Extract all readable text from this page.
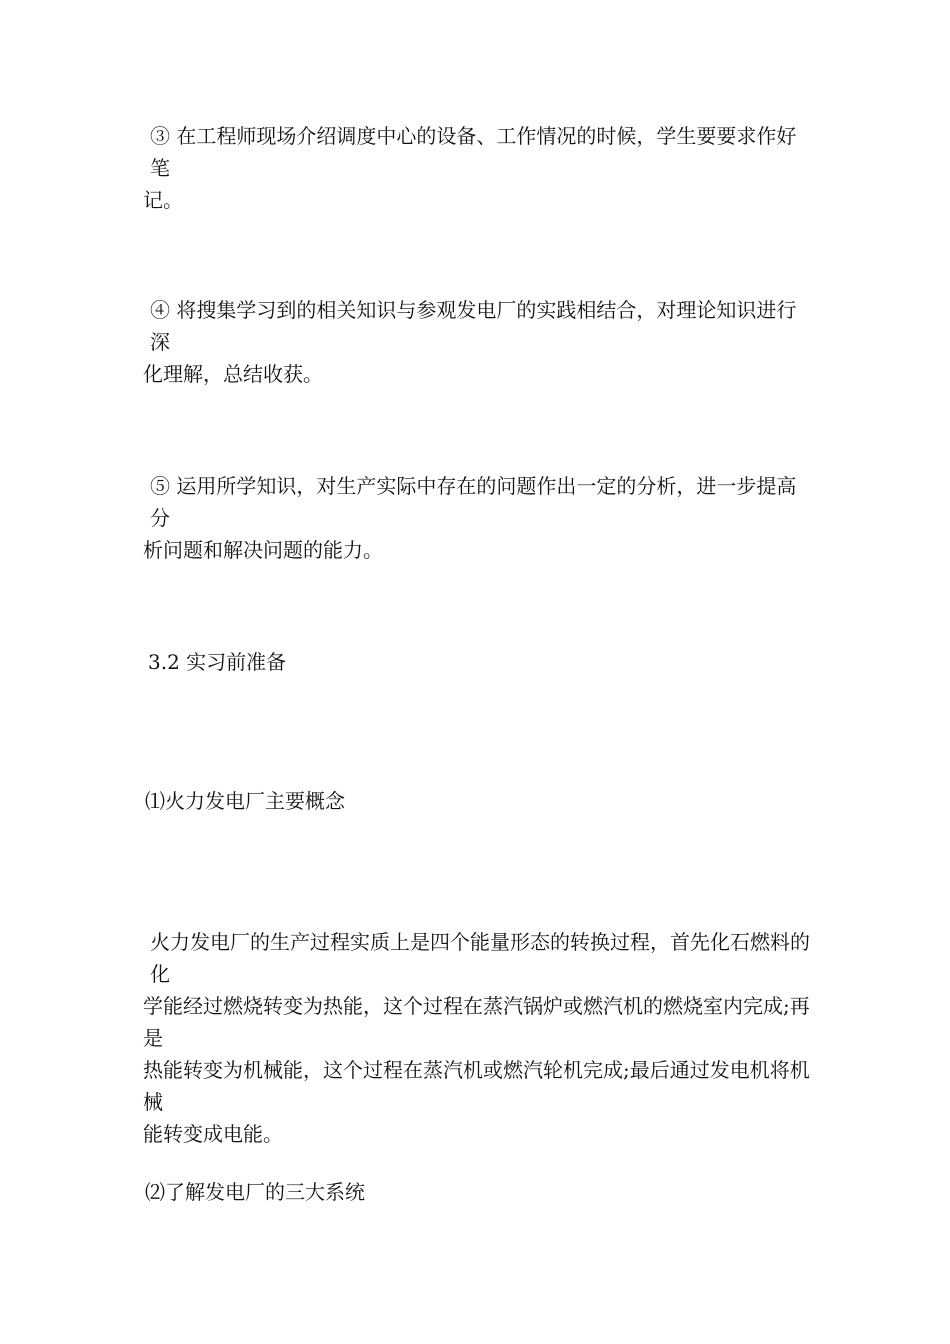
③ 在工程师现场介绍调度中心的设备、工作情况的时候，学生要要求作好笔
记。
④ 将搜集学习到的相关知识与参观发电厂的实践相结合，对理论知识进行深
化理解，总结收获。
⑤ 运用所学知识，对生产实际中存在的问题作出一定的分析，进一步提高分
析问题和解决问题的能力。
3.2 实习前准备
⑴火力发电厂主要概念
火力发电厂的生产过程实质上是四个能量形态的转换过程，首先化石燃料的化
学能经过燃烧转变为热能，这个过程在蒸汽锅炉或燃汽机的燃烧室内完成;再是
热能转变为机械能，这个过程在蒸汽机或燃汽轮机完成;最后通过发电机将机械
能转变成电能。
⑵了解发电厂的三大系统
